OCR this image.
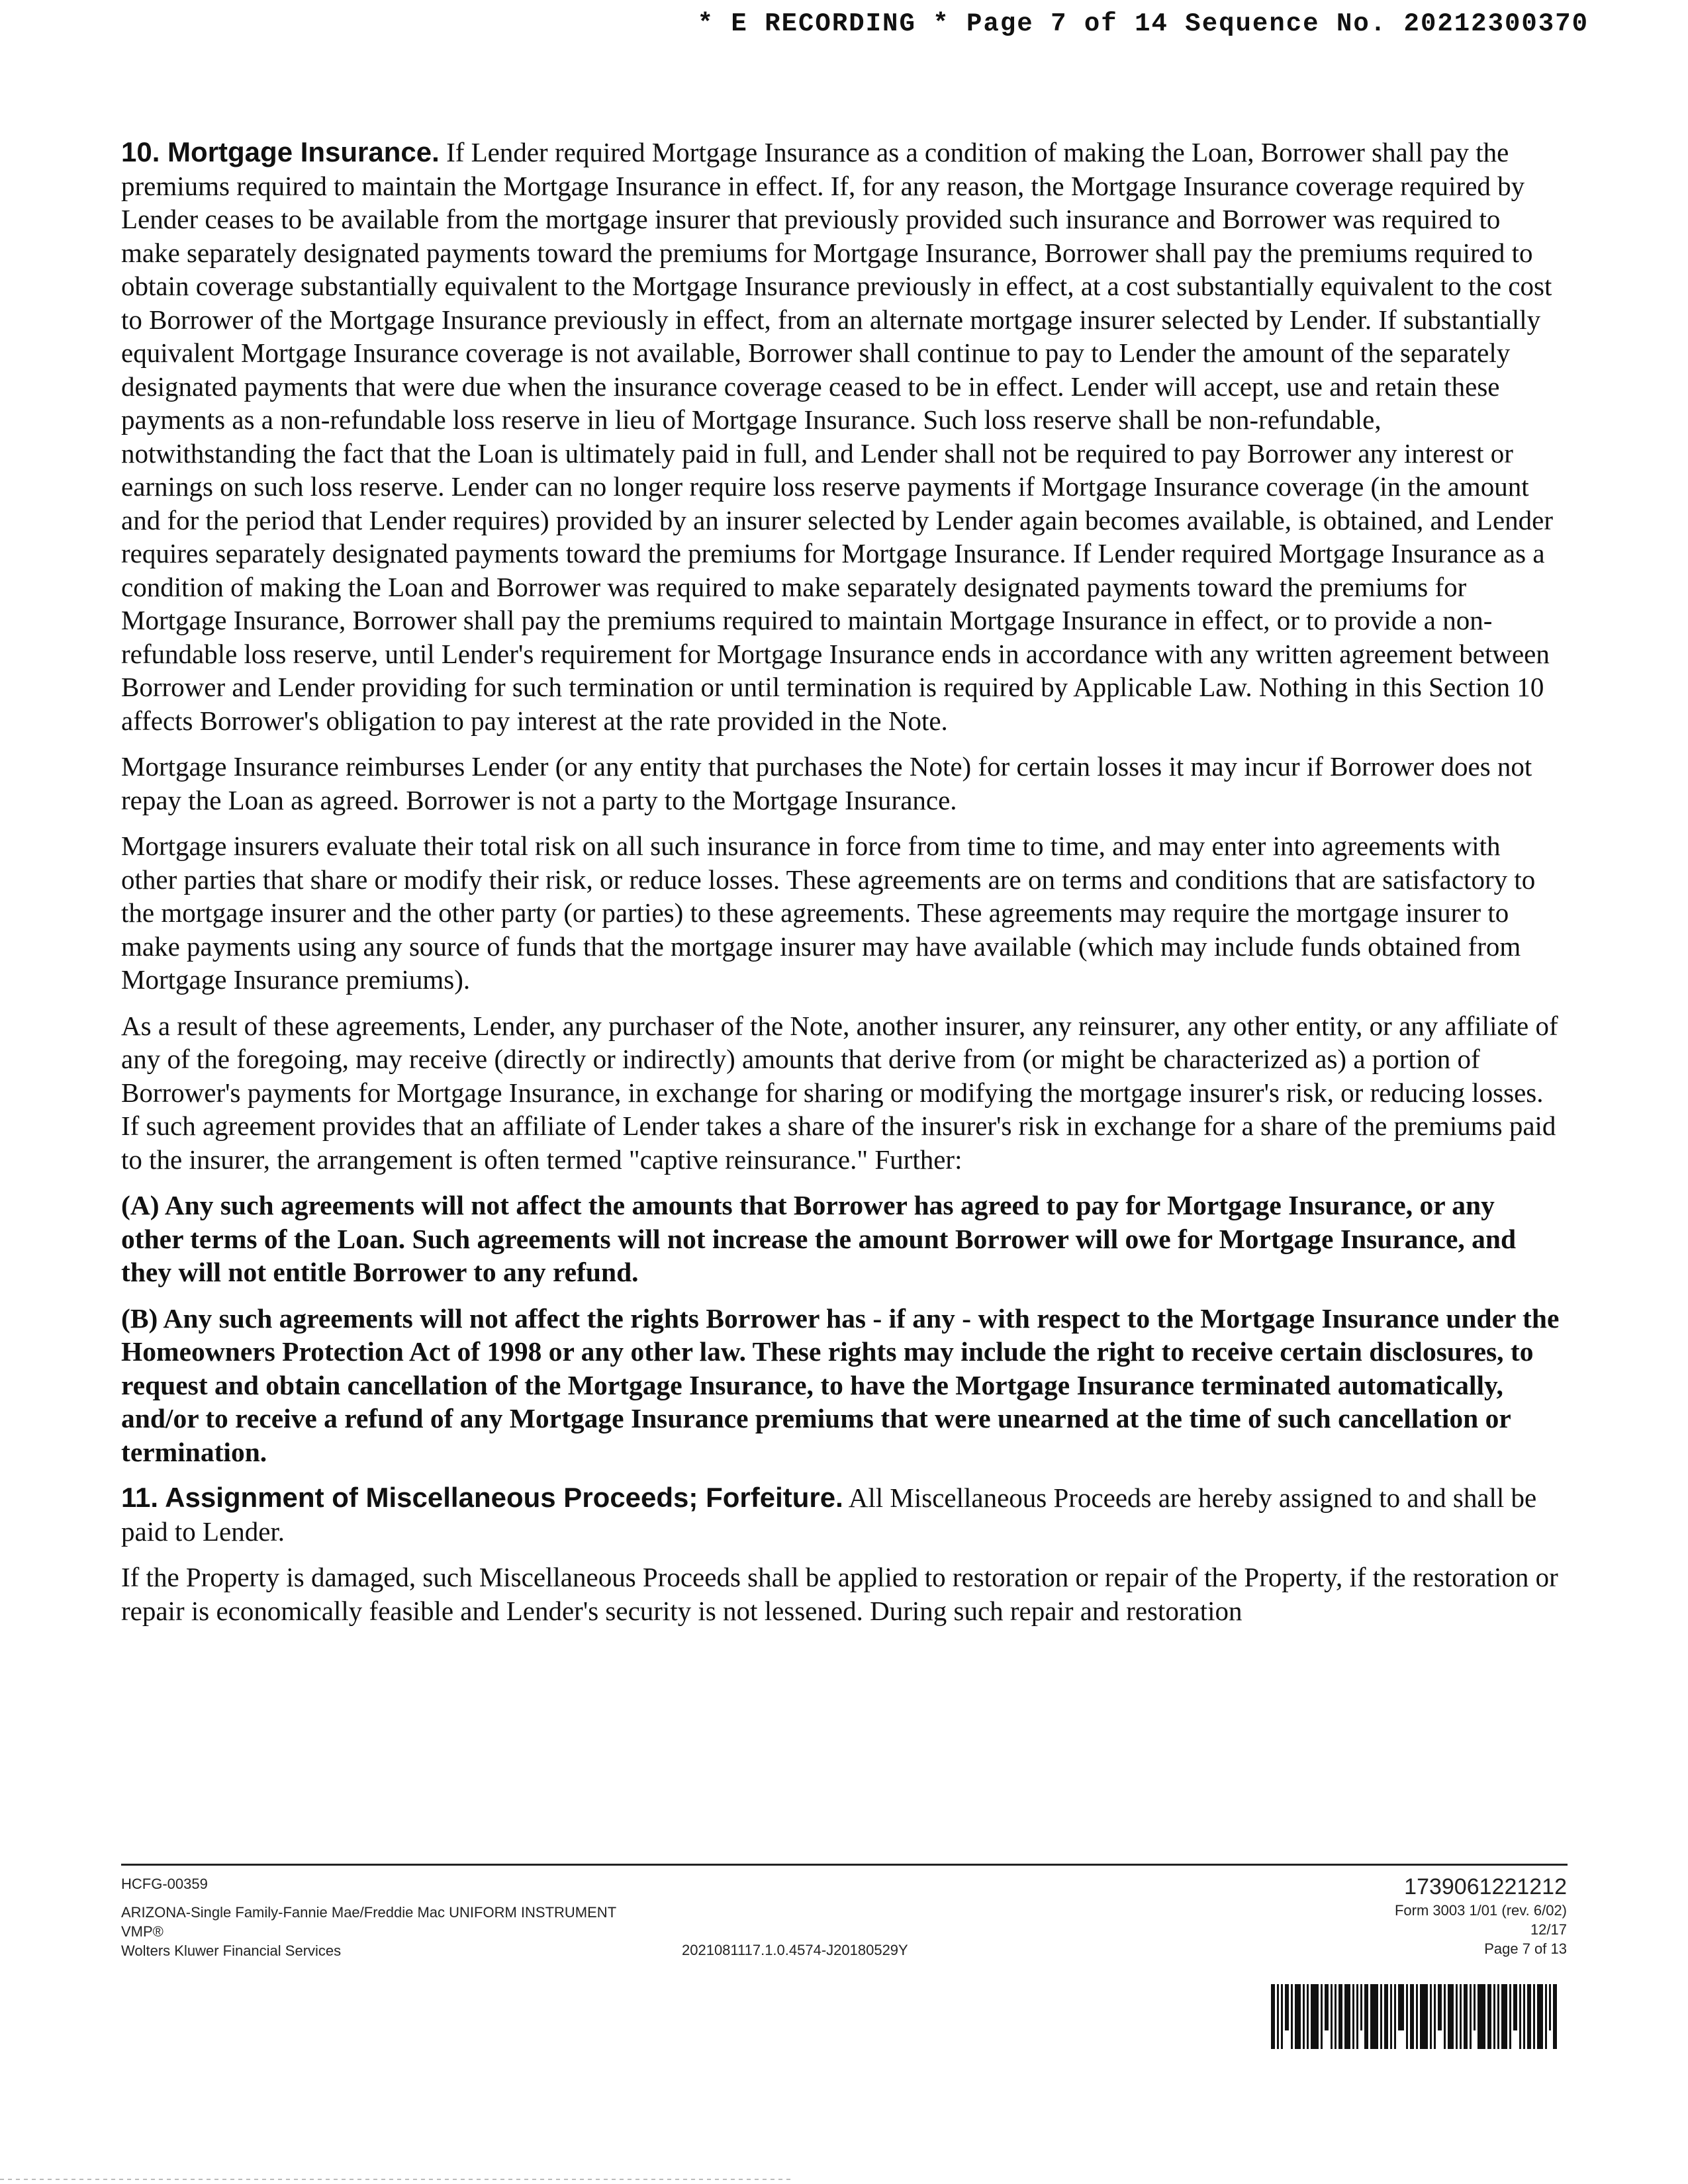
* E RECORDING * Page 7 of 14 Sequence No. 20212300370

10. Mortgage Insurance. If Lender required Mortgage Insurance as a condition of making the Loan, Borrower shall pay the premiums required to maintain the Mortgage Insurance in effect. If, for any reason, the Mortgage Insurance coverage required by Lender ceases to be available from the mortgage insurer that previously provided such insurance and Borrower was required to make separately designated payments toward the premiums for Mortgage Insurance, Borrower shall pay the premiums required to obtain coverage substantially equivalent to the Mortgage Insurance previously in effect, at a cost substantially equivalent to the cost to Borrower of the Mortgage Insurance previously in effect, from an alternate mortgage insurer selected by Lender. If substantially equivalent Mortgage Insurance coverage is not available, Borrower shall continue to pay to Lender the amount of the separately designated payments that were due when the insurance coverage ceased to be in effect. Lender will accept, use and retain these payments as a non-refundable loss reserve in lieu of Mortgage Insurance. Such loss reserve shall be non-refundable, notwithstanding the fact that the Loan is ultimately paid in full, and Lender shall not be required to pay Borrower any interest or earnings on such loss reserve. Lender can no longer require loss reserve payments if Mortgage Insurance coverage (in the amount and for the period that Lender requires) provided by an insurer selected by Lender again becomes available, is obtained, and Lender requires separately designated payments toward the premiums for Mortgage Insurance. If Lender required Mortgage Insurance as a condition of making the Loan and Borrower was required to make separately designated payments toward the premiums for Mortgage Insurance, Borrower shall pay the premiums required to maintain Mortgage Insurance in effect, or to provide a non-refundable loss reserve, until Lender's requirement for Mortgage Insurance ends in accordance with any written agreement between Borrower and Lender providing for such termination or until termination is required by Applicable Law. Nothing in this Section 10 affects Borrower's obligation to pay interest at the rate provided in the Note.

Mortgage Insurance reimburses Lender (or any entity that purchases the Note) for certain losses it may incur if Borrower does not repay the Loan as agreed. Borrower is not a party to the Mortgage Insurance.

Mortgage insurers evaluate their total risk on all such insurance in force from time to time, and may enter into agreements with other parties that share or modify their risk, or reduce losses. These agreements are on terms and conditions that are satisfactory to the mortgage insurer and the other party (or parties) to these agreements. These agreements may require the mortgage insurer to make payments using any source of funds that the mortgage insurer may have available (which may include funds obtained from Mortgage Insurance premiums).

As a result of these agreements, Lender, any purchaser of the Note, another insurer, any reinsurer, any other entity, or any affiliate of any of the foregoing, may receive (directly or indirectly) amounts that derive from (or might be characterized as) a portion of Borrower's payments for Mortgage Insurance, in exchange for sharing or modifying the mortgage insurer's risk, or reducing losses. If such agreement provides that an affiliate of Lender takes a share of the insurer's risk in exchange for a share of the premiums paid to the insurer, the arrangement is often termed "captive reinsurance." Further:

(A) Any such agreements will not affect the amounts that Borrower has agreed to pay for Mortgage Insurance, or any other terms of the Loan. Such agreements will not increase the amount Borrower will owe for Mortgage Insurance, and they will not entitle Borrower to any refund.

(B) Any such agreements will not affect the rights Borrower has - if any - with respect to the Mortgage Insurance under the Homeowners Protection Act of 1998 or any other law. These rights may include the right to receive certain disclosures, to request and obtain cancellation of the Mortgage Insurance, to have the Mortgage Insurance terminated automatically, and/or to receive a refund of any Mortgage Insurance premiums that were unearned at the time of such cancellation or termination.

11. Assignment of Miscellaneous Proceeds; Forfeiture. All Miscellaneous Proceeds are hereby assigned to and shall be paid to Lender.

If the Property is damaged, such Miscellaneous Proceeds shall be applied to restoration or repair of the Property, if the restoration or repair is economically feasible and Lender's security is not lessened. During such repair and restoration

HCFG-00359
ARIZONA-Single Family-Fannie Mae/Freddie Mac UNIFORM INSTRUMENT
VMP®
Wolters Kluwer Financial Services	2021081117.1.0.4574-J20180529Y
1739061221212
Form 3003 1/01 (rev. 6/02)
12/17
Page 7 of 13
